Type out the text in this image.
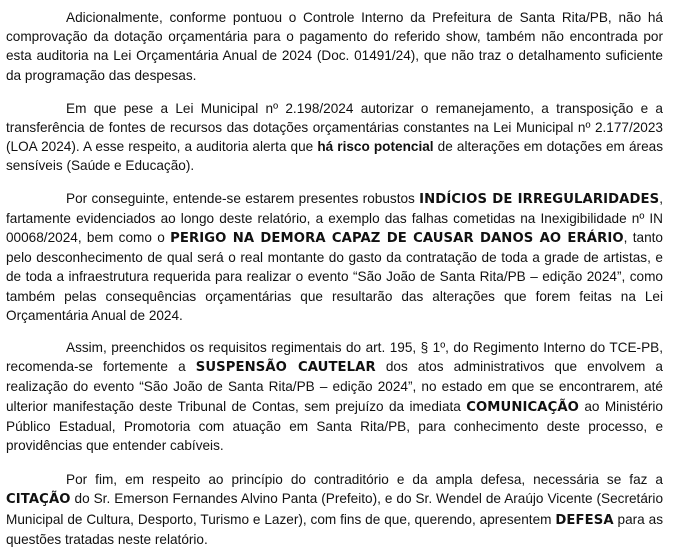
Adicionalmente, conforme pontuou o Controle Interno da Prefeitura de Santa Rita/PB, não há comprovação da dotação orçamentária para o pagamento do referido show, também não encontrada por esta auditoria na Lei Orçamentária Anual de 2024 (Doc. 01491/24), que não traz o detalhamento suficiente da programação das despesas.

Em que pese a Lei Municipal nº 2.198/2024 autorizar o remanejamento, a transposição e a transferência de fontes de recursos das dotações orçamentárias constantes na Lei Municipal nº 2.177/2023 (LOA 2024). A esse respeito, a auditoria alerta que há risco potencial de alterações em dotações em áreas sensíveis (Saúde e Educação).

Por conseguinte, entende-se estarem presentes robustos INDÍCIOS DE IRREGULARIDADES, fartamente evidenciados ao longo deste relatório, a exemplo das falhas cometidas na Inexigibilidade nº IN 00068/2024, bem como o PERIGO NA DEMORA CAPAZ DE CAUSAR DANOS AO ERÁRIO, tanto pelo desconhecimento de qual será o real montante do gasto da contratação de toda a grade de artistas, e de toda a infraestrutura requerida para realizar o evento “São João de Santa Rita/PB – edição 2024”, como também pelas consequências orçamentárias que resultarão das alterações que forem feitas na Lei Orçamentária Anual de 2024.

Assim, preenchidos os requisitos regimentais do art. 195, § 1º, do Regimento Interno do TCE-PB, recomenda-se fortemente a SUSPENSÃO CAUTELAR dos atos administrativos que envolvem a realização do evento “São João de Santa Rita/PB – edição 2024”, no estado em que se encontrarem, até ulterior manifestação deste Tribunal de Contas, sem prejuízo da imediata COMUNICAÇÃO ao Ministério Público Estadual, Promotoria com atuação em Santa Rita/PB, para conhecimento deste processo, e providências que entender cabíveis.

Por fim, em respeito ao princípio do contraditório e da ampla defesa, necessária se faz a CITAÇÃO do Sr. Emerson Fernandes Alvino Panta (Prefeito), e do Sr. Wendel de Araújo Vicente (Secretário Municipal de Cultura, Desporto, Turismo e Lazer), com fins de que, querendo, apresentem DEFESA para as questões tratadas neste relatório.
